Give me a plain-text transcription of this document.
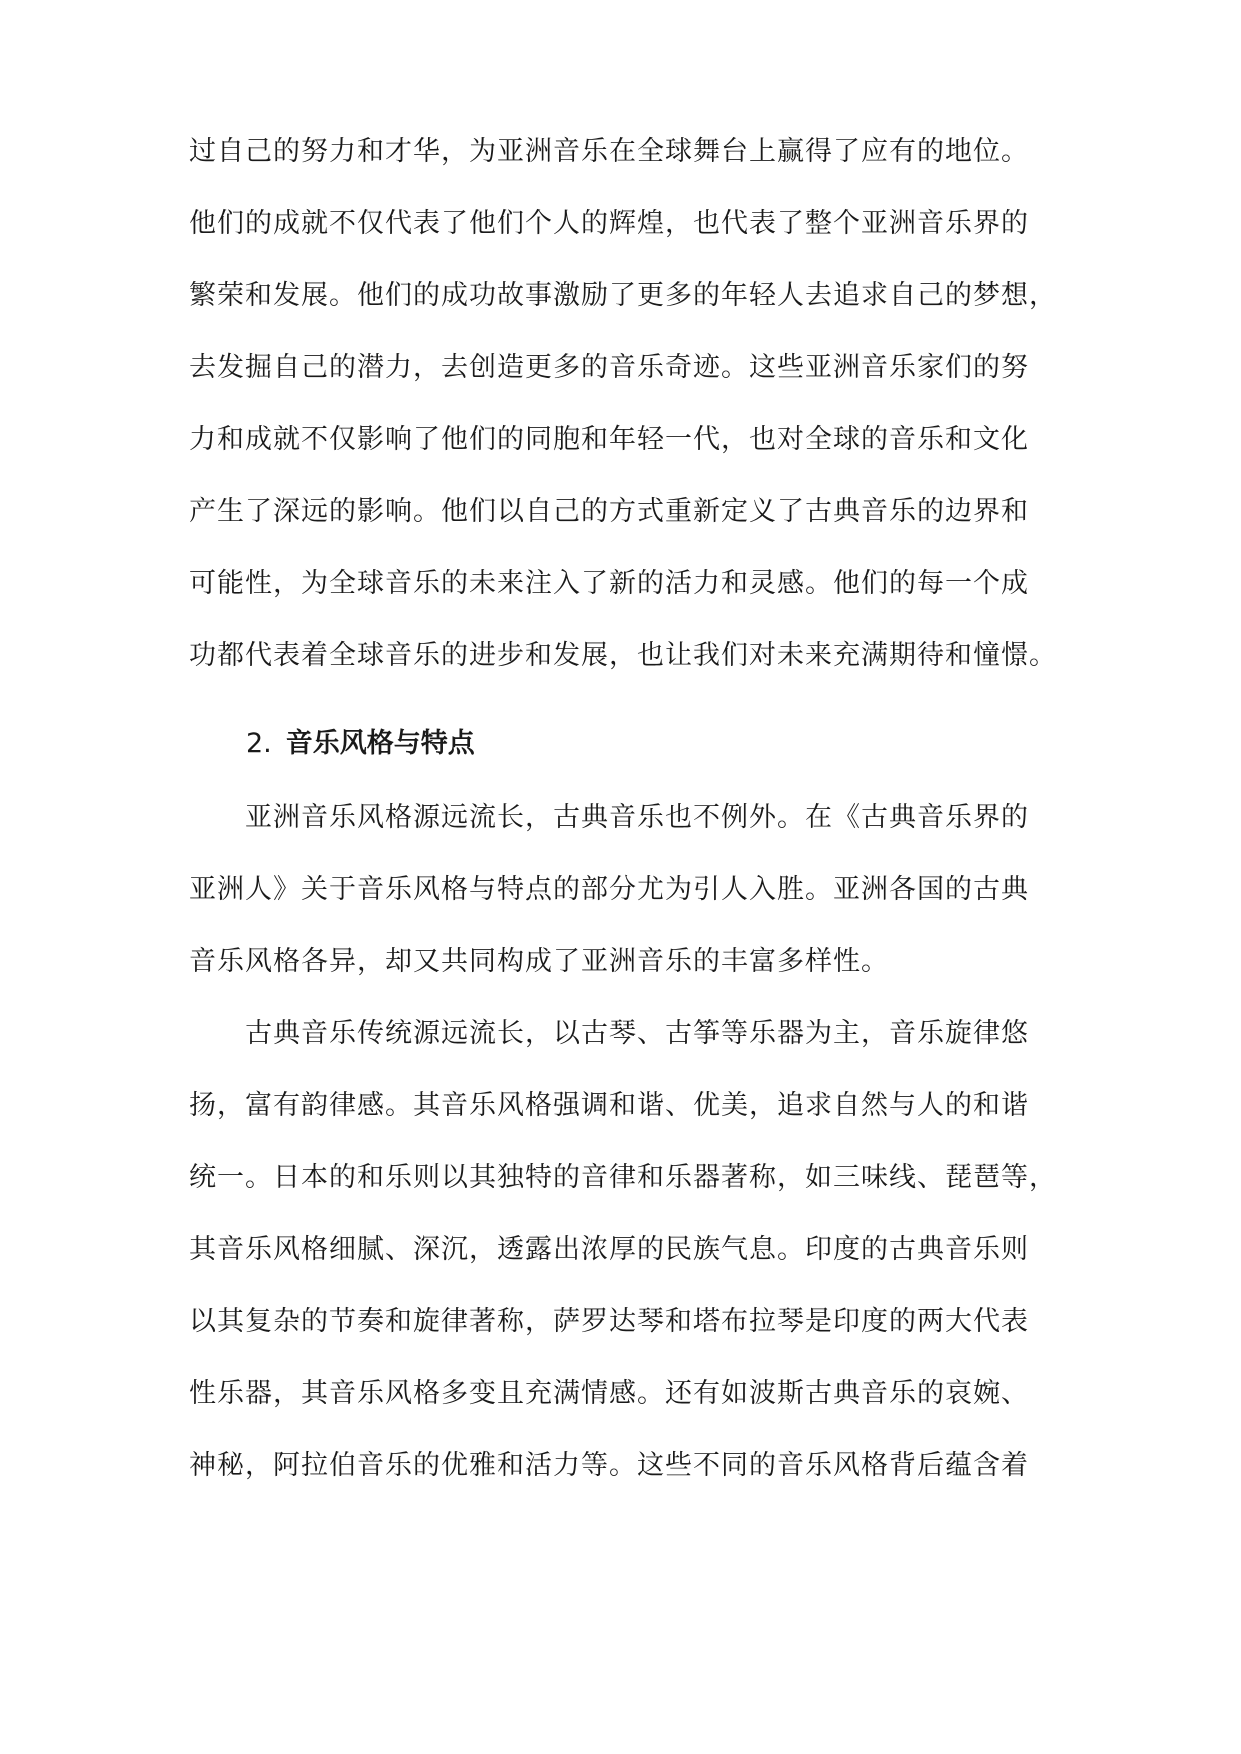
过自己的努力和才华，为亚洲音乐在全球舞台上赢得了应有的地位。
他们的成就不仅代表了他们个人的辉煌，也代表了整个亚洲音乐界的
繁荣和发展。他们的成功故事激励了更多的年轻人去追求自己的梦想，
去发掘自己的潜力，去创造更多的音乐奇迹。这些亚洲音乐家们的努
力和成就不仅影响了他们的同胞和年轻一代，也对全球的音乐和文化
产生了深远的影响。他们以自己的方式重新定义了古典音乐的边界和
可能性，为全球音乐的未来注入了新的活力和灵感。他们的每一个成
功都代表着全球音乐的进步和发展，也让我们对未来充满期待和憧憬。
2. 音乐风格与特点
亚洲音乐风格源远流长，古典音乐也不例外。在《古典音乐界的
亚洲人》关于音乐风格与特点的部分尤为引人入胜。亚洲各国的古典
音乐风格各异，却又共同构成了亚洲音乐的丰富多样性。
古典音乐传统源远流长，以古琴、古筝等乐器为主，音乐旋律悠
扬，富有韵律感。其音乐风格强调和谐、优美，追求自然与人的和谐
统一。日本的和乐则以其独特的音律和乐器著称，如三味线、琵琶等，
其音乐风格细腻、深沉，透露出浓厚的民族气息。印度的古典音乐则
以其复杂的节奏和旋律著称，萨罗达琴和塔布拉琴是印度的两大代表
性乐器，其音乐风格多变且充满情感。还有如波斯古典音乐的哀婉、
神秘，阿拉伯音乐的优雅和活力等。这些不同的音乐风格背后蕴含着
